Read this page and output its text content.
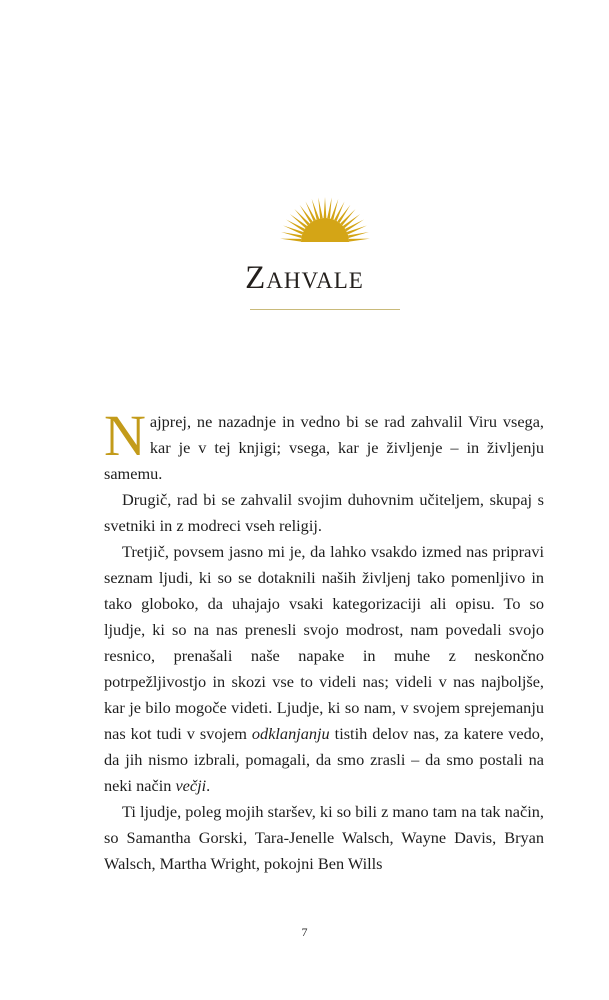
Zahvale

Najprej, ne nazadnje in vedno bi se rad zahvalil Viru vsega, kar je v tej knjigi; vsega, kar je življenje – in življenju samemu.

Drugič, rad bi se zahvalil svojim duhovnim učiteljem, skupaj s svetniki in z modreci vseh religij.

Tretjič, povsem jasno mi je, da lahko vsakdo izmed nas pripravi seznam ljudi, ki so se dotaknili naših življenj tako pomenljivo in tako globoko, da uhajajo vsaki kategorizaciji ali opisu. To so ljudje, ki so na nas prenesli svojo modrost, nam povedali svojo resnico, prenašali naše napake in muhe z neskončno potrpežljivostjo in skozi vse to videli nas; videli v nas najboljše, kar je bilo mogoče videti. Ljudje, ki so nam, v svojem sprejemanju nas kot tudi v svojem odklanjanju tistih delov nas, za katere vedo, da jih nismo izbrali, pomagali, da smo zrasli – da smo postali na neki način večji.

Ti ljudje, poleg mojih staršev, ki so bili z mano tam na tak način, so Samantha Gorski, Tara-Jenelle Walsch, Wayne Davis, Bryan Walsch, Martha Wright, pokojni Ben Wills

7
